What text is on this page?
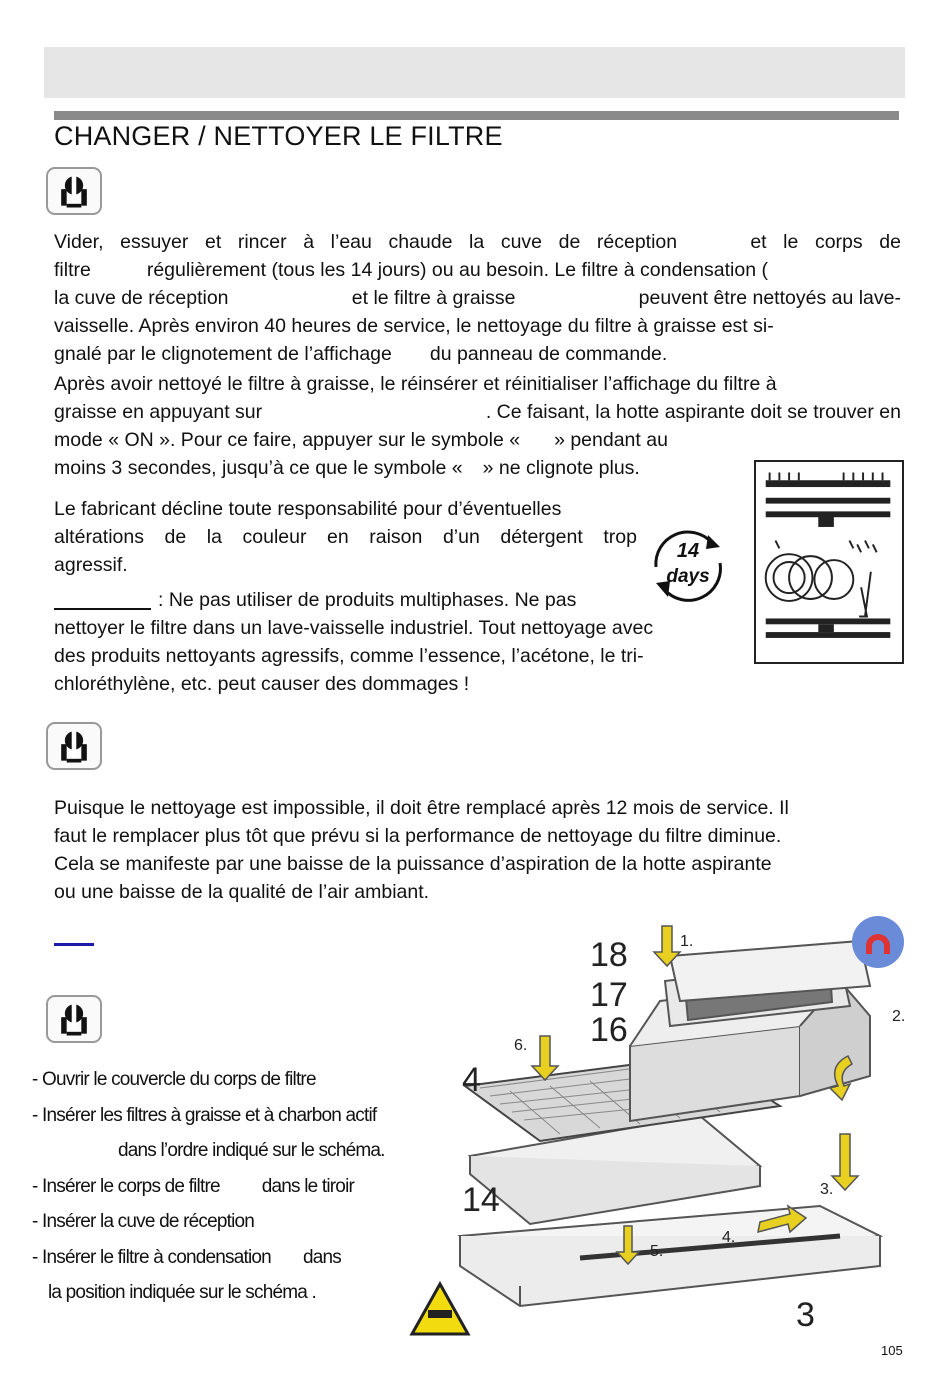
CHANGER / NETTOYER LE FILTRE
Vider, essuyer et rincer à l’eau chaude la cuve de réception	et le corps de
filtre	régulièrement (tous les 14 jours) ou au besoin. Le filtre à condensation (
la cuve de réception	et le filtre à graisse	peuvent être nettoyés au lave-
vaisselle. Après environ 40 heures de service, le nettoyage du filtre à graisse est si-
gnalé par le clignotement de l’affichage du panneau de commande.
Après avoir nettoyé le filtre à graisse, le réinsérer et réinitialiser l’affichage du filtre à
graisse en appuyant sur	. Ce faisant, la hotte aspirante doit se trouver en
mode « ON ». Pour ce faire, appuyer sur le symbole « » pendant au
moins 3 secondes, jusqu’à ce que le symbole « » ne clignote plus.
Le fabricant décline toute responsabilité pour d’éventuelles
altérations de la couleur en raison d’un détergent trop
agressif.
14
days
: Ne pas utiliser de produits multiphases. Ne pas
nettoyer le filtre dans un lave-vaisselle industriel. Tout nettoyage avec
des produits nettoyants agressifs, comme l’essence, l’acétone, le tri-
chloréthylène, etc. peut causer des dommages !
Puisque le nettoyage est impossible, il doit être remplacé après 12 mois de service. Il
faut le remplacer plus tôt que prévu si la performance de nettoyage du filtre diminue.
Cela se manifeste par une baisse de la puissance d’aspiration de la hotte aspirante
ou une baisse de la qualité de l’air ambiant.
- Ouvrir le couvercle du corps de filtre
- Insérer les filtres à graisse et à charbon actif
dans l’ordre indiqué sur le schéma.
- Insérer le corps de filtre dans le tiroir
- Insérer la cuve de réception
- Insérer le filtre à condensation dans
la position indiquée sur le schéma .
18
17
16
4
14
3
1.
2.
3.
4.
5.
6.
105
